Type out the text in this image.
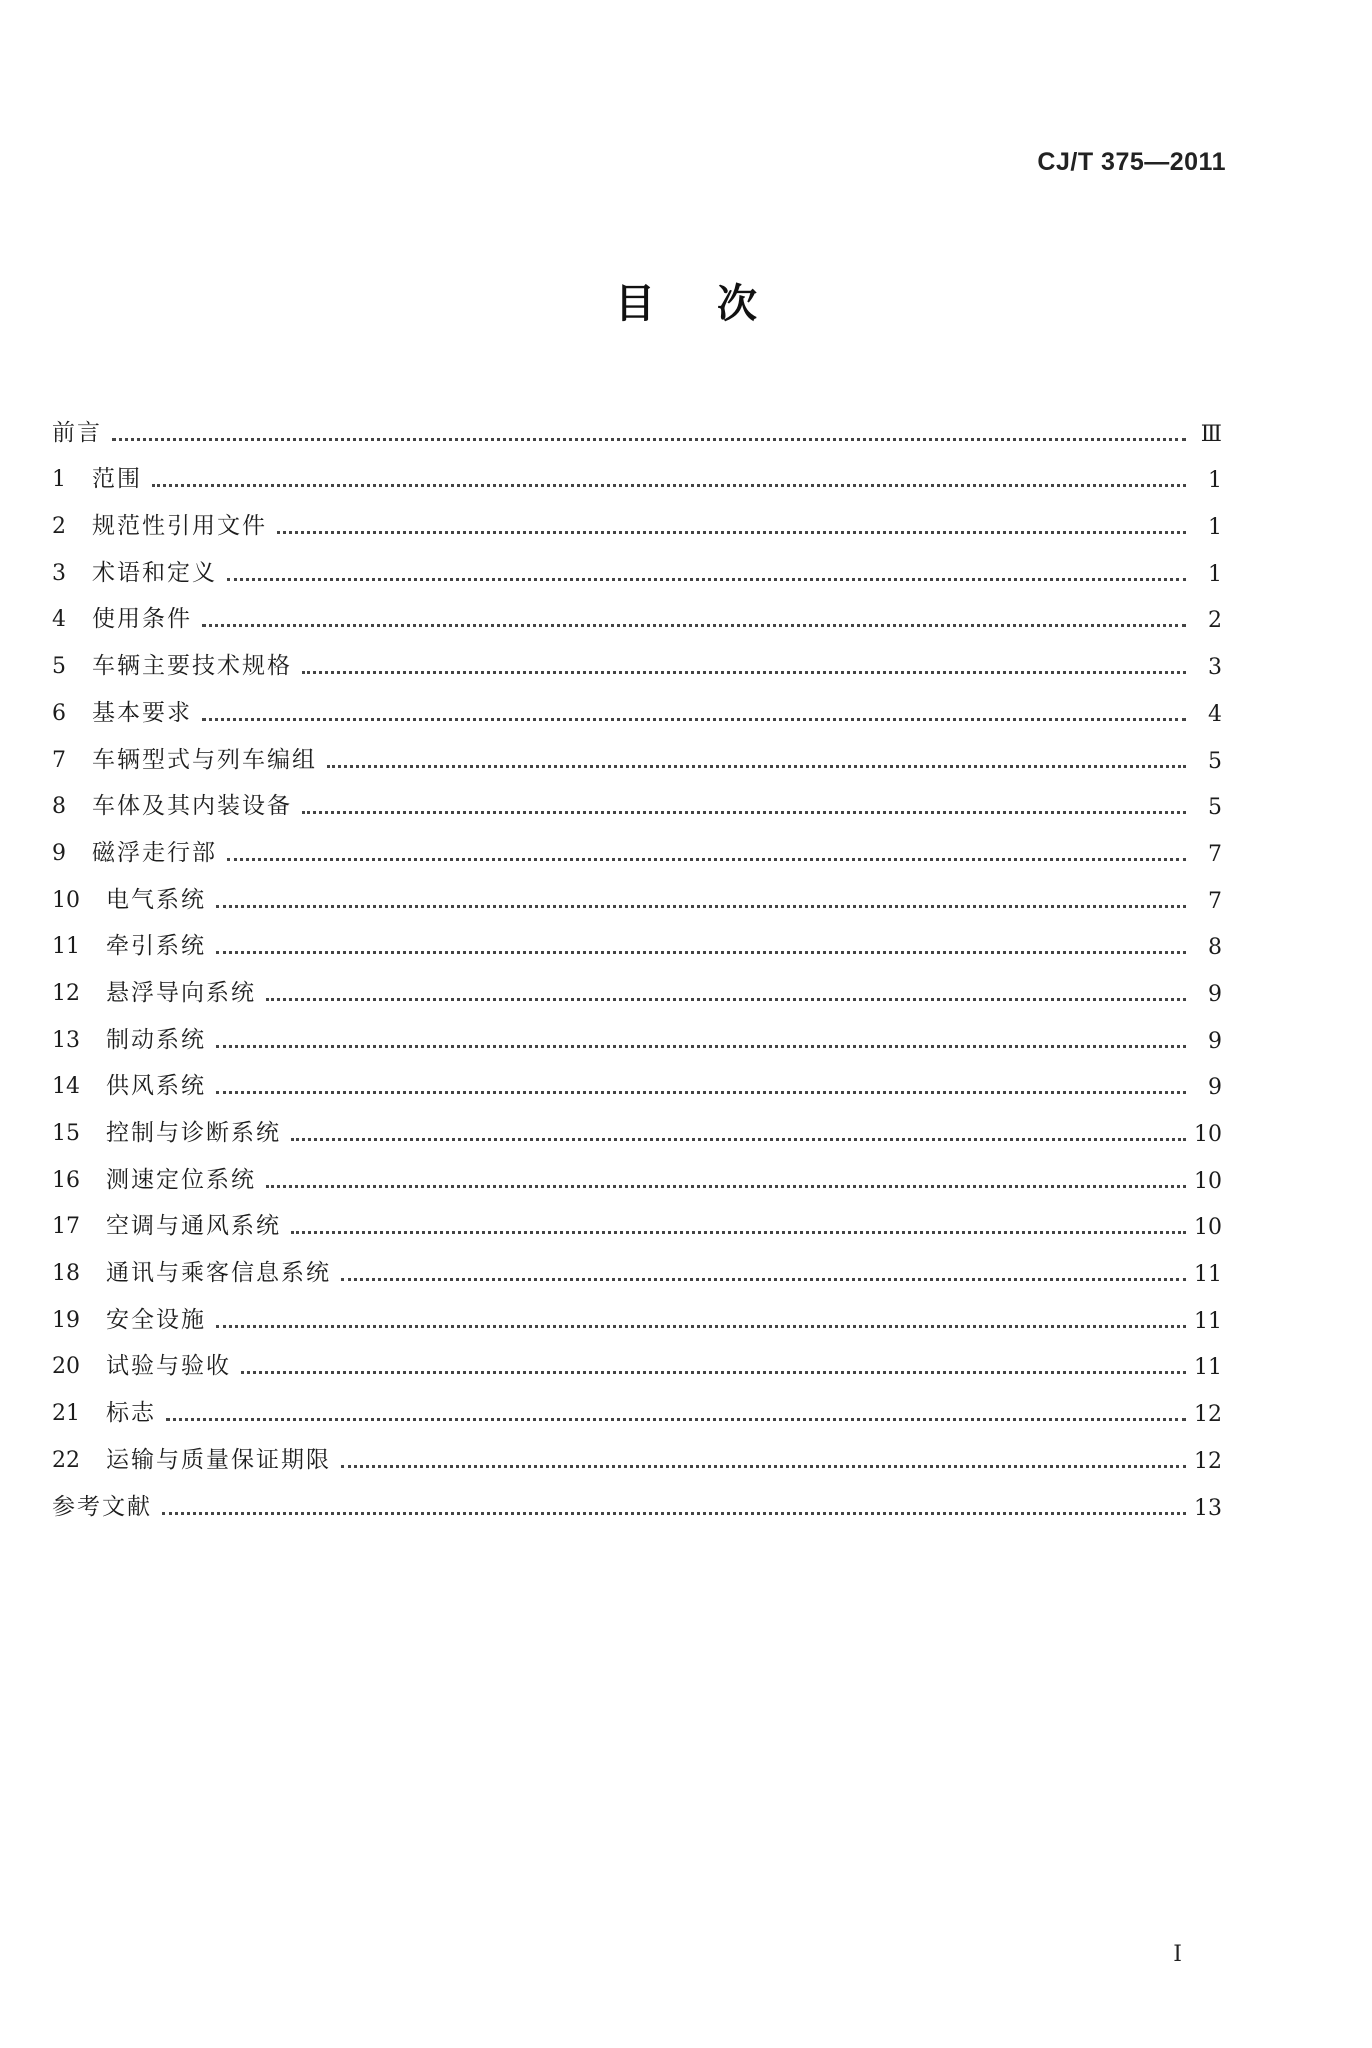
CJ/T 375—2011
目次
前言	Ⅲ
1	范围	1
2	规范性引用文件	1
3	术语和定义	1
4	使用条件	2
5	车辆主要技术规格	3
6	基本要求	4
7	车辆型式与列车编组	5
8	车体及其内装设备	5
9	磁浮走行部	7
10	电气系统	7
11	牵引系统	8
12	悬浮导向系统	9
13	制动系统	9
14	供风系统	9
15	控制与诊断系统	10
16	测速定位系统	10
17	空调与通风系统	10
18	通讯与乘客信息系统	11
19	安全设施	11
20	试验与验收	11
21	标志	12
22	运输与质量保证期限	12
参考文献	13
I
